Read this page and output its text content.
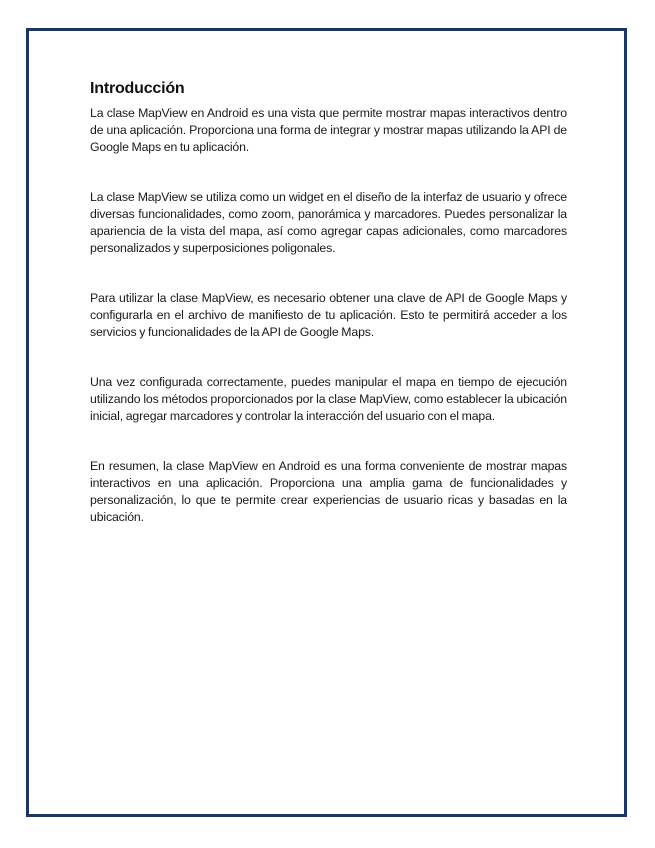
Introducción

La clase MapView en Android es una vista que permite mostrar mapas interactivos dentro de una aplicación. Proporciona una forma de integrar y mostrar mapas utilizando la API de Google Maps en tu aplicación.

La clase MapView se utiliza como un widget en el diseño de la interfaz de usuario y ofrece diversas funcionalidades, como zoom, panorámica y marcadores. Puedes personalizar la apariencia de la vista del mapa, así como agregar capas adicionales, como marcadores personalizados y superposiciones poligonales.

Para utilizar la clase MapView, es necesario obtener una clave de API de Google Maps y configurarla en el archivo de manifiesto de tu aplicación. Esto te permitirá acceder a los servicios y funcionalidades de la API de Google Maps.

Una vez configurada correctamente, puedes manipular el mapa en tiempo de ejecución utilizando los métodos proporcionados por la clase MapView, como establecer la ubicación inicial, agregar marcadores y controlar la interacción del usuario con el mapa.

En resumen, la clase MapView en Android es una forma conveniente de mostrar mapas interactivos en una aplicación. Proporciona una amplia gama de funcionalidades y personalización, lo que te permite crear experiencias de usuario ricas y basadas en la ubicación.
